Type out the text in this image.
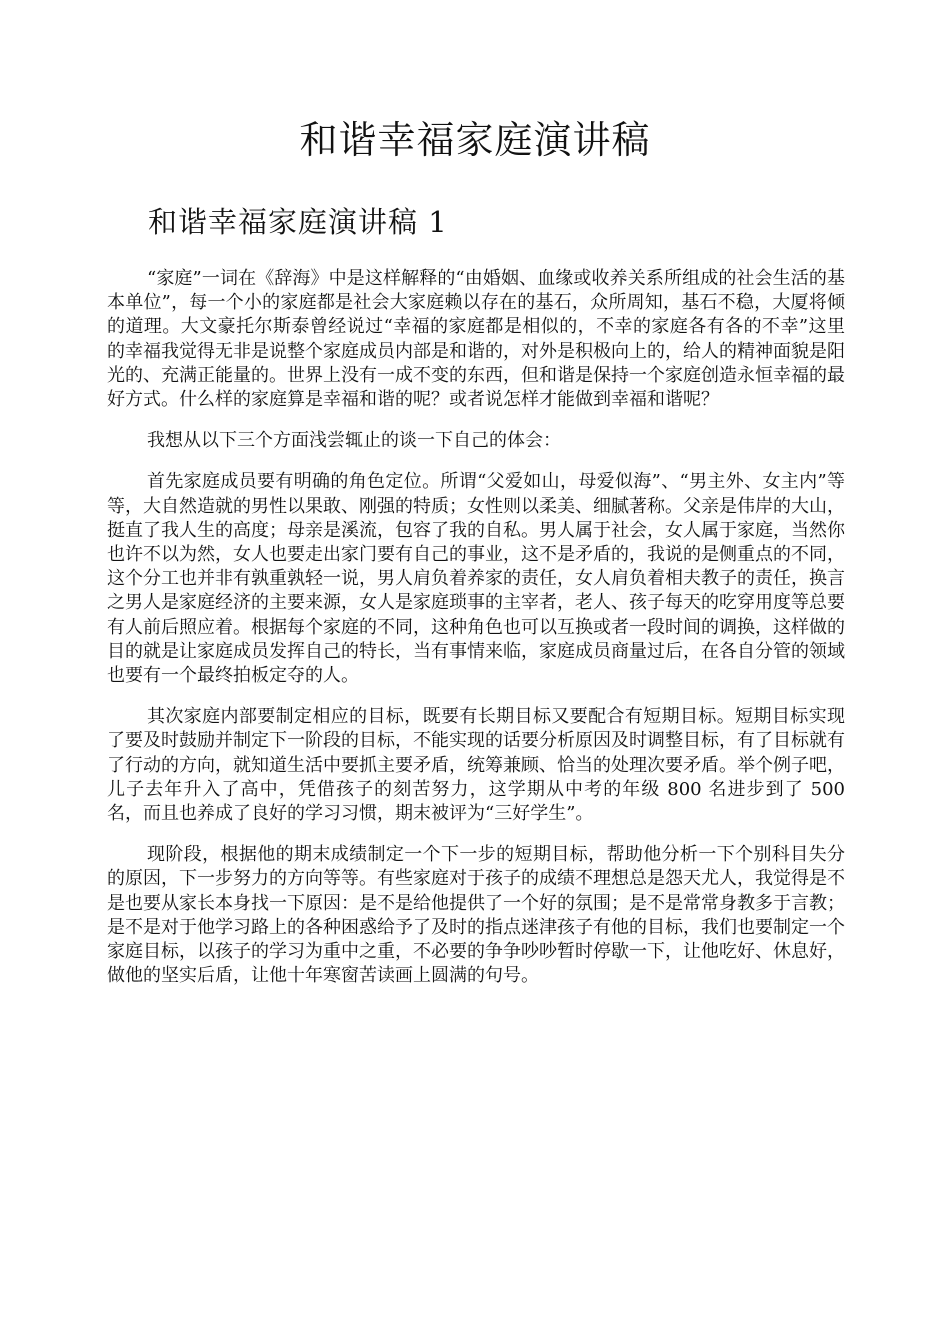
和谐幸福家庭演讲稿
和谐幸福家庭演讲稿 1

“家庭”一词在《辞海》中是这样解释的“由婚姻、血缘或收养关系所组成的社会生活的基本单位”，每一个小的家庭都是社会大家庭赖以存在的基石，众所周知，基石不稳，大厦将倾的道理。大文豪托尔斯泰曾经说过“幸福的家庭都是相似的，不幸的家庭各有各的不幸”这里的幸福我觉得无非是说整个家庭成员内部是和谐的，对外是积极向上的，给人的精神面貌是阳光的、充满正能量的。世界上没有一成不变的东西，但和谐是保持一个家庭创造永恒幸福的最好方式。什么样的家庭算是幸福和谐的呢？或者说怎样才能做到幸福和谐呢？

我想从以下三个方面浅尝辄止的谈一下自己的体会：

首先家庭成员要有明确的角色定位。所谓“父爱如山，母爱似海”、“男主外、女主内”等等，大自然造就的男性以果敢、刚强的特质；女性则以柔美、细腻著称。父亲是伟岸的大山，挺直了我人生的高度；母亲是溪流，包容了我的自私。男人属于社会，女人属于家庭，当然你也许不以为然，女人也要走出家门要有自己的事业，这不是矛盾的，我说的是侧重点的不同，这个分工也并非有孰重孰轻一说，男人肩负着养家的责任，女人肩负着相夫教子的责任，换言之男人是家庭经济的主要来源，女人是家庭琐事的主宰者，老人、孩子每天的吃穿用度等总要有人前后照应着。根据每个家庭的不同，这种角色也可以互换或者一段时间的调换，这样做的目的就是让家庭成员发挥自己的特长，当有事情来临，家庭成员商量过后，在各自分管的领域也要有一个最终拍板定夺的人。

其次家庭内部要制定相应的目标，既要有长期目标又要配合有短期目标。短期目标实现了要及时鼓励并制定下一阶段的目标，不能实现的话要分析原因及时调整目标，有了目标就有了行动的方向，就知道生活中要抓主要矛盾，统筹兼顾、恰当的处理次要矛盾。举个例子吧，儿子去年升入了高中，凭借孩子的刻苦努力，这学期从中考的年级 800 名进步到了 500 名，而且也养成了良好的学习习惯，期末被评为“三好学生”。

现阶段，根据他的期末成绩制定一个下一步的短期目标，帮助他分析一下个别科目失分的原因，下一步努力的方向等等。有些家庭对于孩子的成绩不理想总是怨天尤人，我觉得是不是也要从家长本身找一下原因：是不是给他提供了一个好的氛围；是不是常常身教多于言教；是不是对于他学习路上的各种困惑给予了及时的指点迷津孩子有他的目标，我们也要制定一个家庭目标，以孩子的学习为重中之重，不必要的争争吵吵暂时停歇一下，让他吃好、休息好，做他的坚实后盾，让他十年寒窗苦读画上圆满的句号。
